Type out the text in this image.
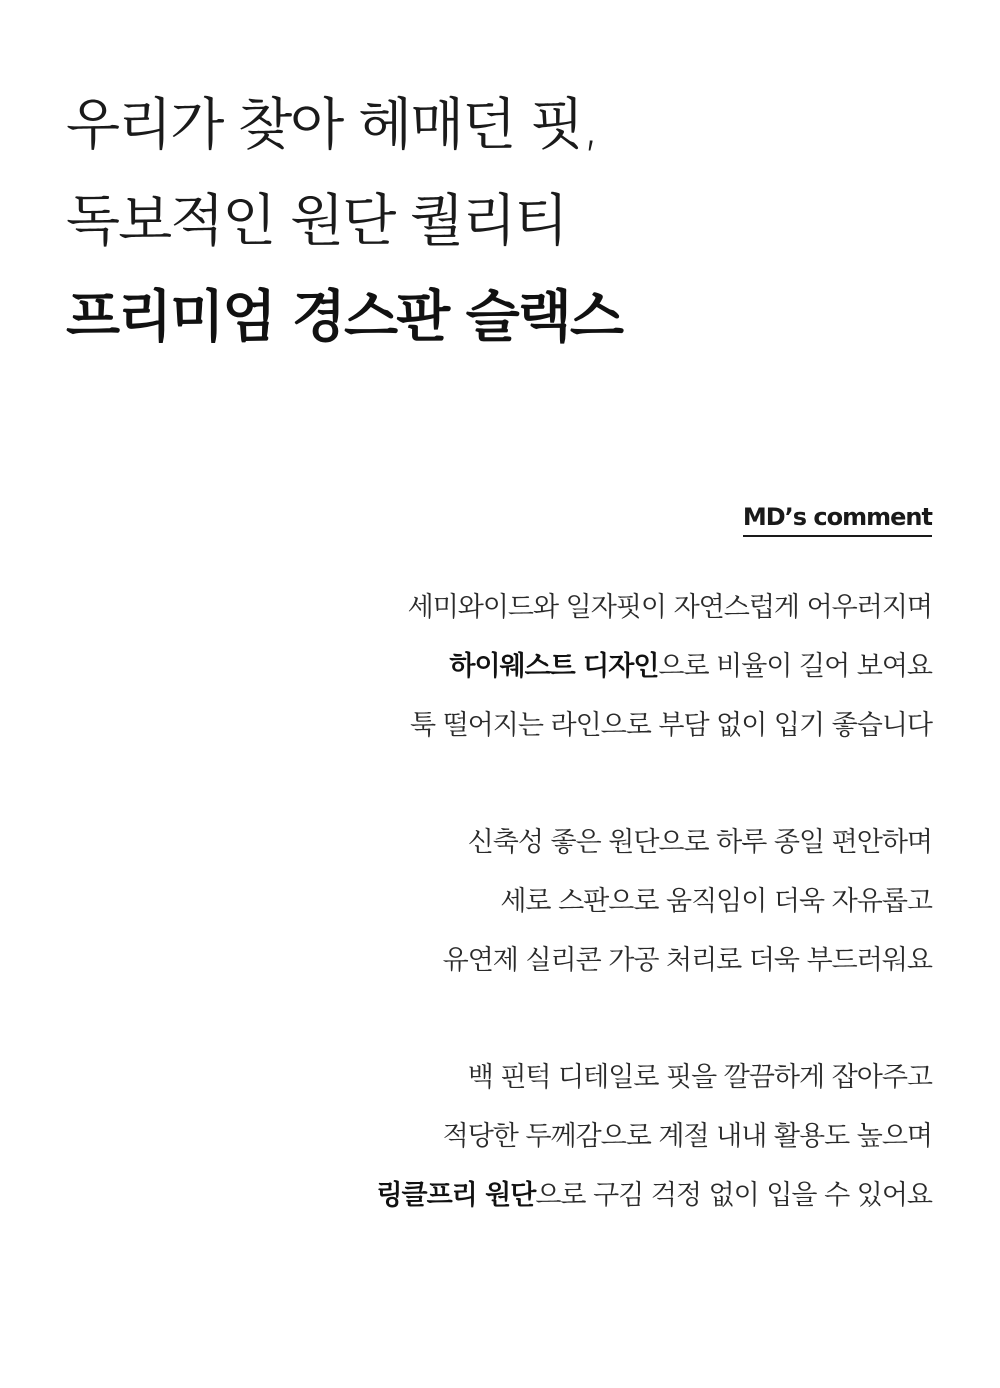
우리가 찾아 헤매던 핏,
독보적인 원단 퀄리티
프리미엄 경스판 슬랙스
MD’s comment
세미와이드와 일자핏이 자연스럽게 어우러지며
하이웨스트 디자인으로 비율이 길어 보여요
툭 떨어지는 라인으로 부담 없이 입기 좋습니다
신축성 좋은 원단으로 하루 종일 편안하며
세로 스판으로 움직임이 더욱 자유롭고
유연제 실리콘 가공 처리로 더욱 부드러워요
백 핀턱 디테일로 핏을 깔끔하게 잡아주고
적당한 두께감으로 계절 내내 활용도 높으며
링클프리 원단으로 구김 걱정 없이 입을 수 있어요
